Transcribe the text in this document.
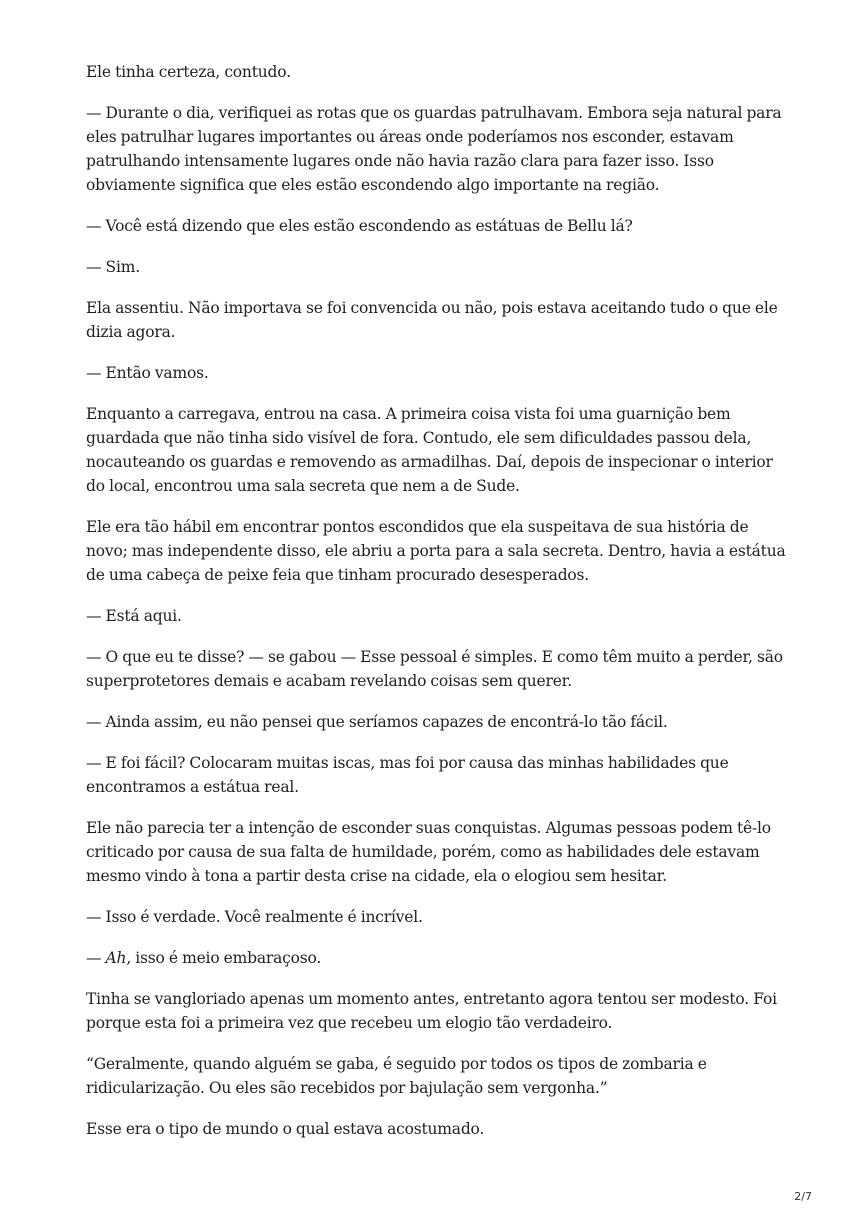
Ele tinha certeza, contudo.

— Durante o dia, verifiquei as rotas que os guardas patrulhavam. Embora seja natural para eles patrulhar lugares importantes ou áreas onde poderíamos nos esconder, estavam patrulhando intensamente lugares onde não havia razão clara para fazer isso. Isso obviamente significa que eles estão escondendo algo importante na região.

— Você está dizendo que eles estão escondendo as estátuas de Bellu lá?

— Sim.

Ela assentiu. Não importava se foi convencida ou não, pois estava aceitando tudo o que ele dizia agora.

— Então vamos.

Enquanto a carregava, entrou na casa. A primeira coisa vista foi uma guarnição bem guardada que não tinha sido visível de fora. Contudo, ele sem dificuldades passou dela, nocauteando os guardas e removendo as armadilhas. Daí, depois de inspecionar o interior do local, encontrou uma sala secreta que nem a de Sude.

Ele era tão hábil em encontrar pontos escondidos que ela suspeitava de sua história de novo; mas independente disso, ele abriu a porta para a sala secreta. Dentro, havia a estátua de uma cabeça de peixe feia que tinham procurado desesperados.

— Está aqui.

— O que eu te disse? — se gabou — Esse pessoal é simples. E como têm muito a perder, são superprotetores demais e acabam revelando coisas sem querer.

— Ainda assim, eu não pensei que seríamos capazes de encontrá-lo tão fácil.

— E foi fácil? Colocaram muitas iscas, mas foi por causa das minhas habilidades que encontramos a estátua real.

Ele não parecia ter a intenção de esconder suas conquistas. Algumas pessoas podem tê-lo criticado por causa de sua falta de humildade, porém, como as habilidades dele estavam mesmo vindo à tona a partir desta crise na cidade, ela o elogiou sem hesitar.

— Isso é verdade. Você realmente é incrível.

— Ah, isso é meio embaraçoso.

Tinha se vangloriado apenas um momento antes, entretanto agora tentou ser modesto. Foi porque esta foi a primeira vez que recebeu um elogio tão verdadeiro.

“Geralmente, quando alguém se gaba, é seguido por todos os tipos de zombaria e ridicularização. Ou eles são recebidos por bajulação sem vergonha.”

Esse era o tipo de mundo o qual estava acostumado.

2/7
